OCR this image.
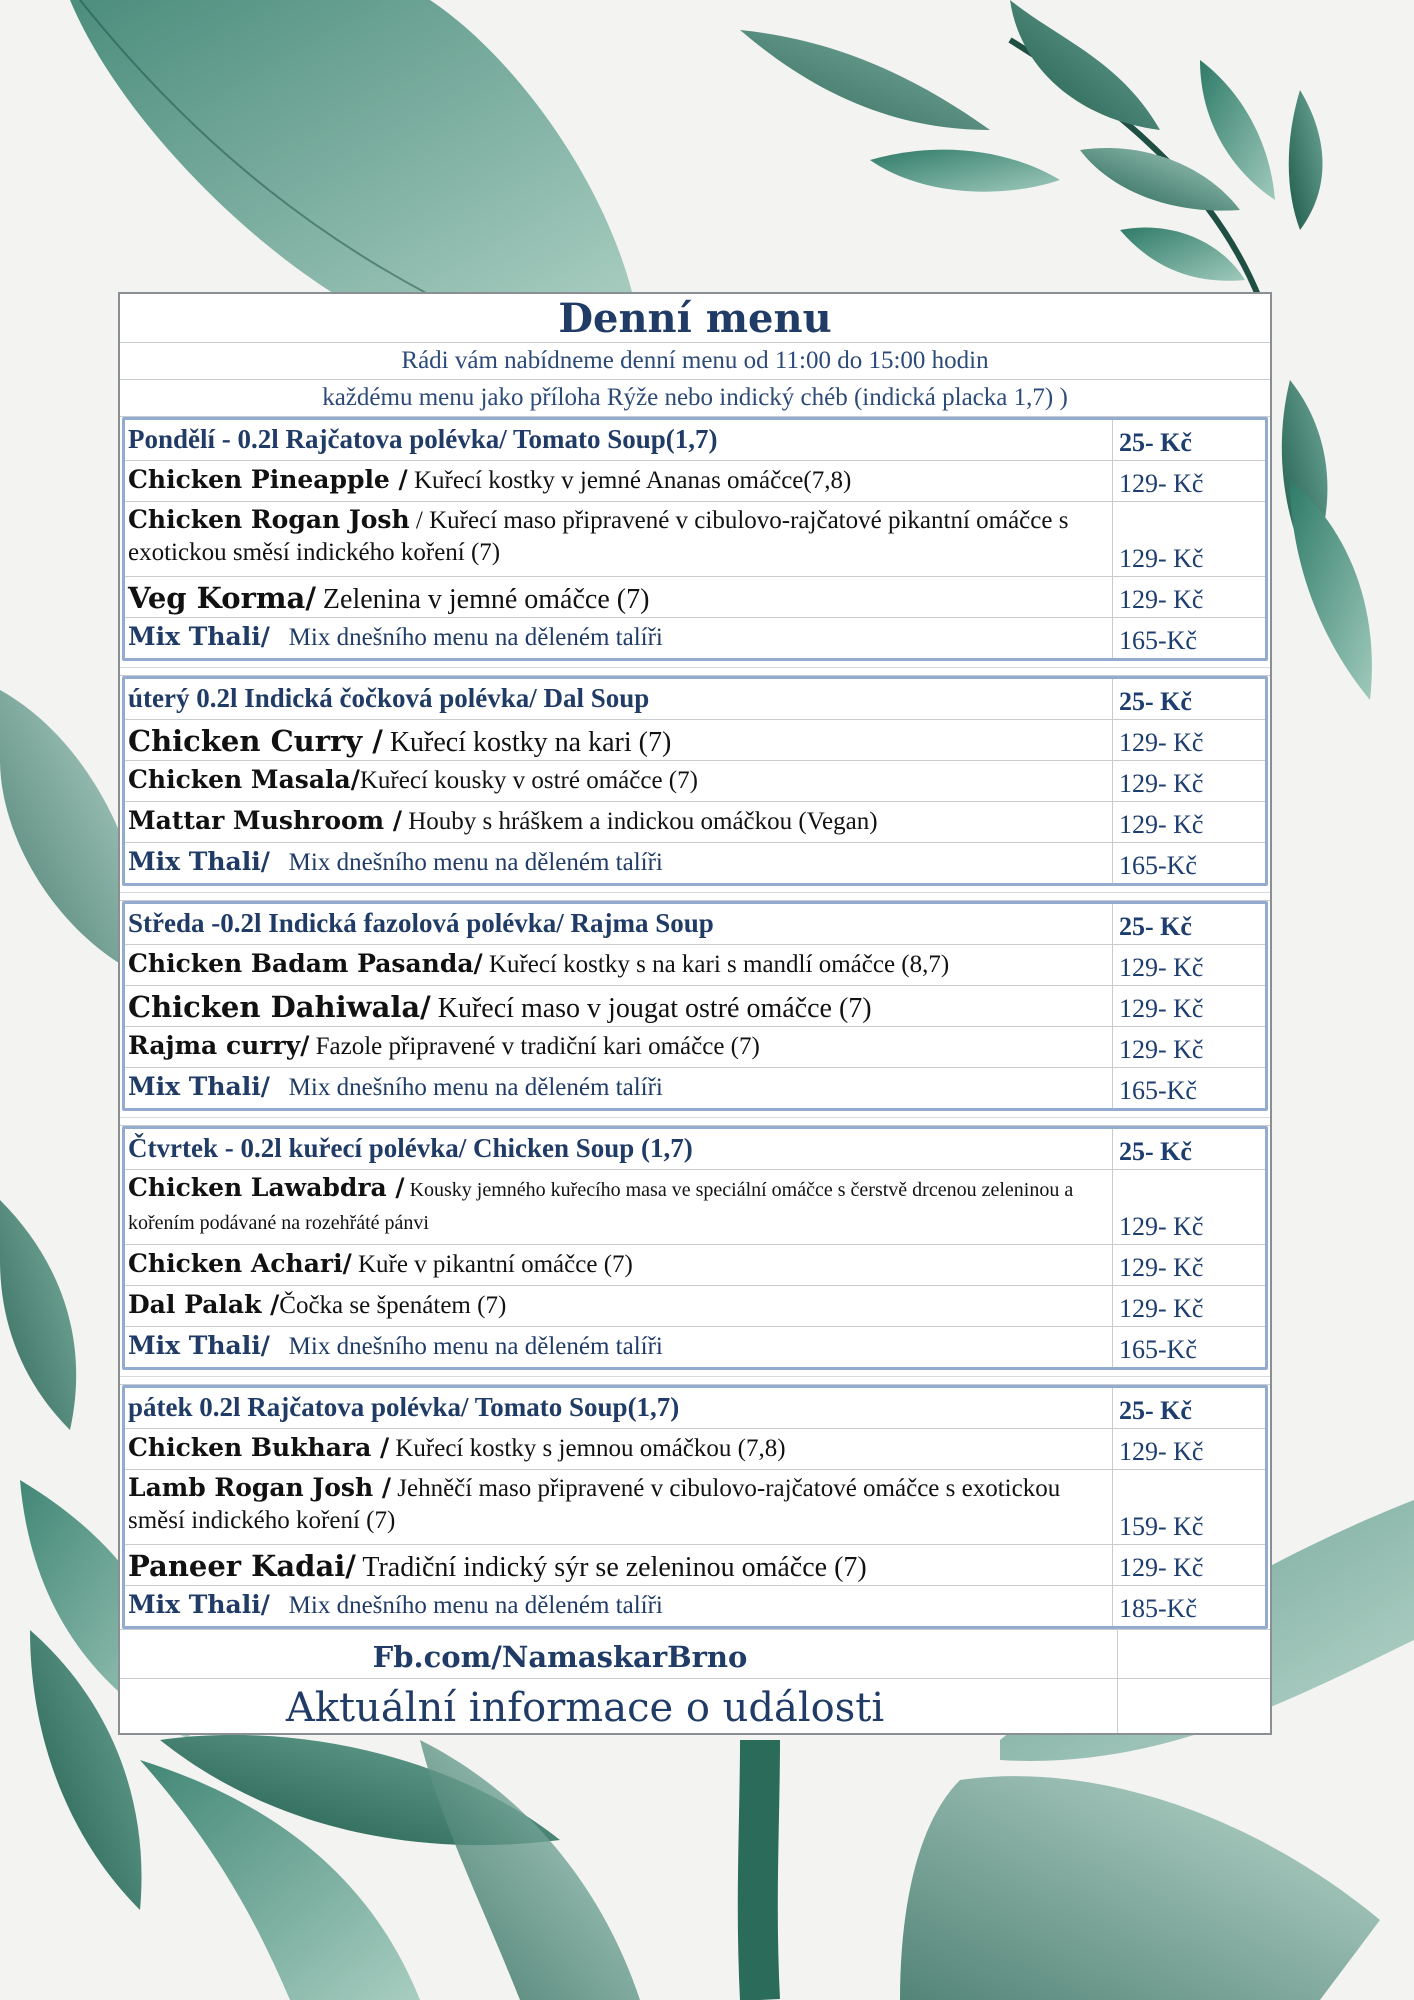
Denní menu
Rádi vám nabídneme denní menu od 11:00 do 15:00 hodin
každému menu jako příloha Rýže nebo indický chéb (indická placka 1,7) )
Pondělí - 0.2l Rajčatova polévka/ Tomato Soup(1,7)	25- Kč
Chicken Pineapple / Kuřecí kostky v jemné Ananas omáčce(7,8)	129- Kč
Chicken Rogan Josh / Kuřecí maso připravené v cibulovo-rajčatové pikantní omáčce s exotickou směsí indického koření (7)	129- Kč
Veg Korma/ Zelenina v jemné omáčce (7)	129- Kč
Mix Thali/   Mix dnešního menu na děleném talíři	165-Kč
úterý 0.2l Indická čočková polévka/ Dal Soup	25- Kč
Chicken Curry / Kuřecí kostky na kari (7)	129- Kč
Chicken Masala/Kuřecí kousky v ostré omáčce (7)	129- Kč
Mattar Mushroom / Houby s hráškem a indickou omáčkou (Vegan)	129- Kč
Mix Thali/   Mix dnešního menu na děleném talíři	165-Kč
Středa -0.2l Indická fazolová polévka/ Rajma Soup	25- Kč
Chicken Badam Pasanda/ Kuřecí kostky s na kari s mandlí omáčce (8,7)	129- Kč
Chicken Dahiwala/ Kuřecí maso v jougat ostré omáčce (7)	129- Kč
Rajma curry/ Fazole připravené v tradiční kari omáčce (7)	129- Kč
Mix Thali/   Mix dnešního menu na děleném talíři	165-Kč
Čtvrtek - 0.2l kuřecí polévka/ Chicken Soup (1,7)	25- Kč
Chicken Lawabdra / Kousky jemného kuřecího masa ve speciální omáčce s čerstvě drcenou zeleninou a kořením podávané na rozehřáté pánvi	129- Kč
Chicken Achari/ Kuře v pikantní omáčce (7)	129- Kč
Dal Palak /Čočka se špenátem (7)	129- Kč
Mix Thali/   Mix dnešního menu na děleném talíři	165-Kč
pátek 0.2l Rajčatova polévka/ Tomato Soup(1,7)	25- Kč
Chicken Bukhara / Kuřecí kostky s jemnou omáčkou (7,8)	129- Kč
Lamb Rogan Josh / Jehněčí maso připravené v cibulovo-rajčatové omáčce s exotickou směsí indického koření (7)	159- Kč
Paneer Kadai/ Tradiční indický sýr se zeleninou omáčce (7)	129- Kč
Mix Thali/   Mix dnešního menu na děleném talíři	185-Kč
Fb.com/NamaskarBrno
Aktuální informace o události
